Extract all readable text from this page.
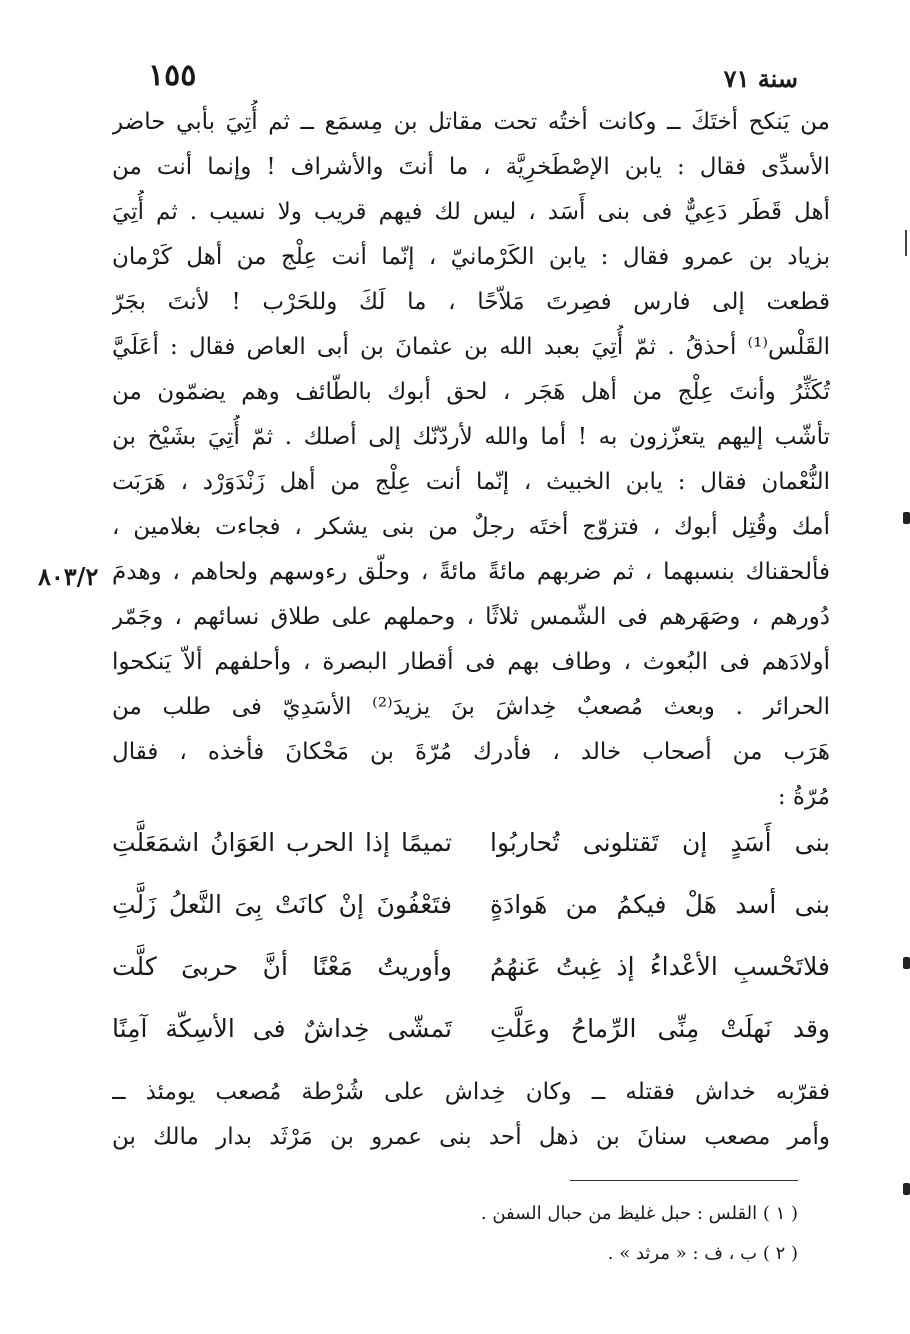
١٥٥	سنة ٧١
٨٠٣/٢
من يَنكح أختَكَ ــ وكانت أختُه تحت مقاتل بن مِسمَع ــ ثم أُتِيَ بأبي حاضر
الأسدِّى فقال : يابن الإصْطَخرِيَّة ، ما أنتَ والأشراف ! وإنما أنت من
أهل قَطَر دَعِيٌّ فى بنى أَسَد ، ليس لك فيهم قريب ولا نسيب . ثم أُتِيَ
بزياد بن عمرو فقال : يابن الكَرْمانيّ ، إنّما أنت عِلْج من أهل كَرْمان
قطعت إلى فارس فصِرتَ مَلاّحًا ، ما لَكَ وللحَرْب ! لأنتَ بجَرّ
القَلْس⁽¹⁾ أحذقُ . ثمّ أُتِيَ بعبد الله بن عثمانَ بن أبى العاص فقال : أعَلَيَّ
تُكَثِّرُ وأنتَ عِلْج من أهل هَجَر ، لحق أبوك بالطّائف وهم يضمّون من
تأشّب إليهم يتعزّزون به ! أما والله لأردّنّك إلى أصلك . ثمّ أُتِيَ بشَيْخ بن
النُّعْمان فقال : يابن الخبيث ، إنّما أنت عِلْج من أهل زَنْدَوَرْد ، هَرَبَت
أمك وقُتِل أبوك ، فتزوّج أختَه رجلٌ من بنى يشكر ، فجاءت بغلامين ،
فألحقناك بنسبهما ، ثم ضربهم مائةً مائةً ، وحلّق رءوسهم ولحاهم ، وهدمَ
دُورهم ، وصَهَرهم فى الشّمس ثلاثًا ، وحملهم على طلاق نسائهم ، وجَمّر
أولادَهم فى البُعوث ، وطاف بهم فى أقطار البصرة ، وأحلفهم ألاّ يَنكحوا
الحرائر . وبعث مُصعبٌ خِداشَ بنَ يزيدَ⁽²⁾ الأسَدِيّ فى طلب من
هَرَب من أصحاب خالد ، فأدرك مُرّةَ بن مَحْكانَ فأخذه ، فقال
مُرّةُ :
بنى أَسَدٍ إن تَقتلونى تُحاربُوا
تميمًا إذا الحرب العَوَانُ اشمَعَلَّتِ
بنى أسد هَلْ فيكمُ من هَوادَةٍ
فتَعْفُونَ إنْ كانَتْ بِىَ النَّعلُ زَلَّتِ
فلاتَحْسبِ الأعْداءُ إذ غِبتُ عَنهُمُ
وأوريتُ مَعْنًا أنَّ حربىَ كلَّت
وقد نَهلَتْ مِنِّى الرِّماحُ وعَلَّتِ
تَمشّى خِداشٌ فى الأسِكّة آمِنًا
فقرّبه خداش فقتله ــ وكان خِداش على شُرْطة مُصعب يومئذ ــ
وأمر مصعب سنانَ بن ذهل أحد بنى عمرو بن مَرْثَد بدار مالك بن
( ١ ) القلس : حبل غليظ من حبال السفن .
( ٢ ) ب ، ف : « مرثد » .
